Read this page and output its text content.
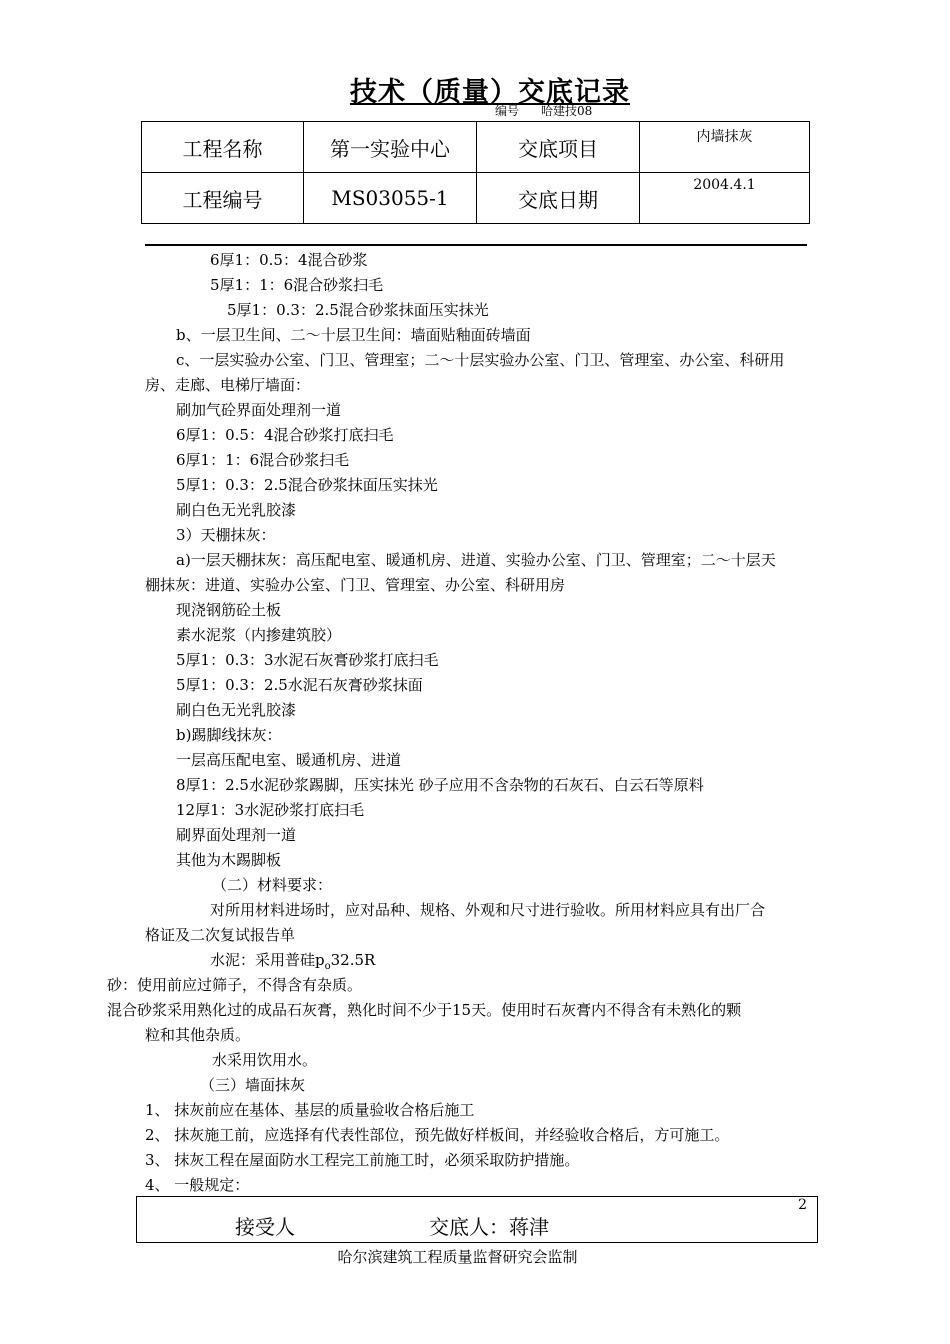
技术（质量）交底记录
编号 哈建技08
工程名称	第一实验中心	交底项目	内墙抹灰
工程编号	MS03055-1	交底日期	2004.4.1
6厚1：0.5：4混合砂浆
5厚1：1：6混合砂浆扫毛
5厚1：0.3：2.5混合砂浆抹面压实抹光
b、一层卫生间、二～十层卫生间：墙面贴釉面砖墙面
c、一层实验办公室、门卫、管理室；二～十层实验办公室、门卫、管理室、办公室、科研用
房、走廊、电梯厅墙面：
刷加气砼界面处理剂一道
6厚1：0.5：4混合砂浆打底扫毛
6厚1：1：6混合砂浆扫毛
5厚1：0.3：2.5混合砂浆抹面压实抹光
刷白色无光乳胶漆
3）天棚抹灰：
a)一层天棚抹灰：高压配电室、暖通机房、进道、实验办公室、门卫、管理室；二～十层天
棚抹灰：进道、实验办公室、门卫、管理室、办公室、科研用房
现浇钢筋砼土板
素水泥浆（内掺建筑胶）
5厚1：0.3：3水泥石灰膏砂浆打底扫毛
5厚1：0.3：2.5水泥石灰膏砂浆抹面
刷白色无光乳胶漆
b)踢脚线抹灰：
一层高压配电室、暖通机房、进道
8厚1：2.5水泥砂浆踢脚，压实抹光 砂子应用不含杂物的石灰石、白云石等原料
12厚1：3水泥砂浆打底扫毛
刷界面处理剂一道
其他为木踢脚板
（二）材料要求：
对所用材料进场时，应对品种、规格、外观和尺寸进行验收。所用材料应具有出厂合
格证及二次复试报告单
水泥：采用普硅$p_o32.5R$
砂：使用前应过筛子，不得含有杂质。
混合砂浆采用熟化过的成品石灰膏，熟化时间不少于15天。使用时石灰膏内不得含有未熟化的颗
粒和其他杂质。
水采用饮用水。
（三）墙面抹灰
1、 抹灰前应在基体、基层的质量验收合格后施工
2、 抹灰施工前，应选择有代表性部位，预先做好样板间，并经验收合格后，方可施工。
3、 抹灰工程在屋面防水工程完工前施工时，必须采取防护措施。
4、 一般规定：
接受人	交底人：蒋津
2
哈尔滨建筑工程质量监督研究会监制
